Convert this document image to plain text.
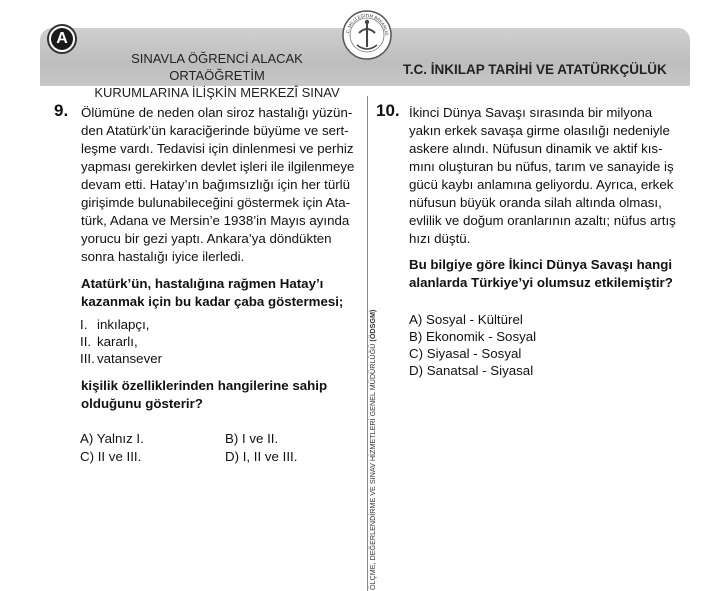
A
SINAVLA ÖĞRENCİ ALACAK ORTAÖĞRETİM
KURUMLARINA İLİŞKİN MERKEZÎ SINAV
.C. MİLLÎ EĞİTİM BAKANLIĞ
T.C. İNKILAP TARİHİ VE ATATÜRKÇÜLÜK
ÖLÇME, DEĞERLENDİRME VE SINAV HİZMETLERİ GENEL MÜDÜRLÜĞÜ (ÖDSGM)
9. Ölümüne de neden olan siroz hastalığı yüzün-
den Atatürk’ün karaciğerinde büyüme ve sert-
leşme vardı. Tedavisi için dinlenmesi ve perhiz
yapması gerekirken devlet işleri ile ilgilenmeye
devam etti. Hatay’ın bağımsızlığı için her türlü
girişimde bulunabileceğini göstermek için Ata-
türk, Adana ve Mersin’e 1938’in Mayıs ayında
yorucu bir gezi yaptı. Ankara’ya döndükten
sonra hastalığı iyice ilerledi.
Atatürk’ün, hastalığına rağmen Hatay’ı
kazanmak için bu kadar çaba göstermesi;
I. inkılapçı,
II. kararlı,
III. vatansever
kişilik özelliklerinden hangilerine sahip
olduğunu gösterir?
A) Yalnız I.	B) I ve II.
C) II ve III.	D) I, II ve III.
10. İkinci Dünya Savaşı sırasında bir milyona
yakın erkek savaşa girme olasılığı nedeniyle
askere alındı. Nüfusun dinamik ve aktif kıs-
mını oluşturan bu nüfus, tarım ve sanayide iş
gücü kaybı anlamına geliyordu. Ayrıca, erkek
nüfusun büyük oranda silah altında olması,
evlilik ve doğum oranlarının azaltı; nüfus artış
hızı düştü.
Bu bilgiye göre İkinci Dünya Savaşı hangi
alanlarda Türkiye’yi olumsuz etkilemiştir?
A) Sosyal - Kültürel
B) Ekonomik - Sosyal
C) Siyasal - Sosyal
D) Sanatsal - Siyasal
